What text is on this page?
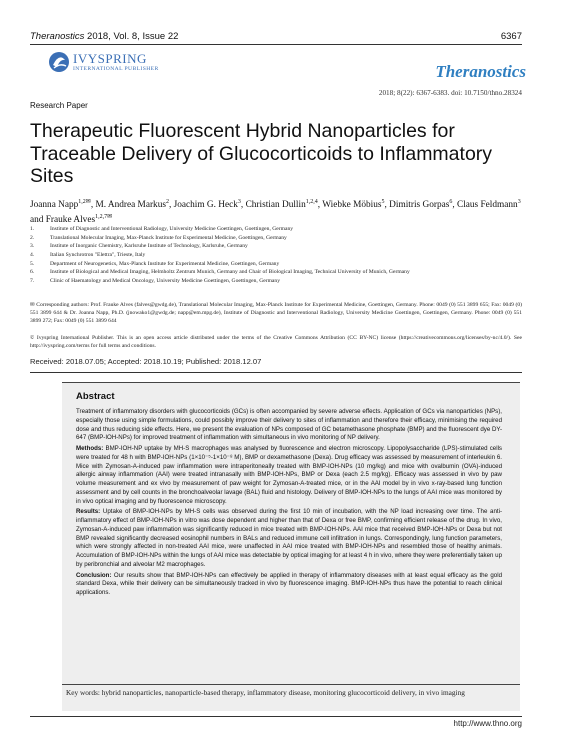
Theranostics 2018, Vol. 8, Issue 22	6367
IVYSPRING
INTERNATIONAL PUBLISHER	Theranostics
2018; 8(22): 6367-6383. doi: 10.7150/thno.28324
Research Paper
Therapeutic Fluorescent Hybrid Nanoparticles for Traceable Delivery of Glucocorticoids to Inflammatory Sites
Joanna Napp$^{1,2✉}$, M. Andrea Markus$^2$, Joachim G. Heck$^3$, Christian Dullin$^{1,2,4}$, Wiebke Möbius$^5$, Dimitris Gorpas$^6$, Claus Feldmann$^3$ and Frauke Alves$^{1,2,7✉}$
1.	Institute of Diagnostic and Interventional Radiology, University Medicine Goettingen, Goettingen, Germany
2.	Translational Molecular Imaging, Max-Planck Institute for Experimental Medicine, Goettingen, Germany
3.	Institute of Inorganic Chemistry, Karlsruhe Institute of Technology, Karlsruhe, Germany
4.	Italian Synchrotron "Elettra", Trieste, Italy
5.	Department of Neurogenetics, Max-Planck Institute for Experimental Medicine, Goettingen, Germany
6.	Institute of Biological and Medical Imaging, Helmholtz Zentrum Munich, Germany and Chair of Biological Imaging, Technical University of Munich, Germany
7.	Clinic of Haematology and Medical Oncology, University Medicine Goettingen, Goettingen, Germany
✉ Corresponding authors: Prof. Frauke Alves (falves@gwdg.de), Translational Molecular Imaging, Max-Planck Institute for Experimental Medicine, Goettingen, Germany. Phone: 0049 (0) 551 3899 655; Fax: 0049 (0) 551 3899 644 & Dr. Joanna Napp, Ph.D. (jnowako1@gwdg.de; napp@em.mpg.de), Institute of Diagnostic and Interventional Radiology, University Medicine Goettingen, Goettingen, Germany. Phone: 0049 (0) 551 3899 272; Fax: 0049 (0) 551 3899 644
© Ivyspring International Publisher. This is an open access article distributed under the terms of the Creative Commons Attribution (CC BY-NC) license (https://creativecommons.org/licenses/by-nc/4.0/). See http://ivyspring.com/terms for full terms and conditions.
Received: 2018.07.05; Accepted: 2018.10.19; Published: 2018.12.07
Abstract

Treatment of inflammatory disorders with glucocorticoids (GCs) is often accompanied by severe adverse effects. Application of GCs via nanoparticles (NPs), especially those using simple formulations, could possibly improve their delivery to sites of inflammation and therefore their efficacy, minimising the required dose and thus reducing side effects. Here, we present the evaluation of NPs composed of GC betamethasone phosphate (BMP) and the fluorescent dye DY-647 (BMP-IOH-NPs) for improved treatment of inflammation with simultaneous in vivo monitoring of NP delivery.

Methods: BMP-IOH-NP uptake by MH-S macrophages was analysed by fluorescence and electron microscopy. Lipopolysaccharide (LPS)-stimulated cells were treated for 48 h with BMP-IOH-NPs (1×10⁻⁵-1×10⁻⁸ M), BMP or dexamethasone (Dexa). Drug efficacy was assessed by measurement of interleukin 6. Mice with Zymosan-A-induced paw inflammation were intraperitoneally treated with BMP-IOH-NPs (10 mg/kg) and mice with ovalbumin (OVA)-induced allergic airway inflammation (AAI) were treated intranasally with BMP-IOH-NPs, BMP or Dexa (each 2.5 mg/kg). Efficacy was assessed in vivo by paw volume measurement and ex vivo by measurement of paw weight for Zymosan-A-treated mice, or in the AAI model by in vivo x-ray-based lung function assessment and by cell counts in the bronchoalveolar lavage (BAL) fluid and histology. Delivery of BMP-IOH-NPs to the lungs of AAI mice was monitored by in vivo optical imaging and by fluorescence microscopy.

Results: Uptake of BMP-IOH-NPs by MH-S cells was observed during the first 10 min of incubation, with the NP load increasing over time. The anti-inflammatory effect of BMP-IOH-NPs in vitro was dose dependent and higher than that of Dexa or free BMP, confirming efficient release of the drug. In vivo, Zymosan-A-induced paw inflammation was significantly reduced in mice treated with BMP-IOH-NPs. AAI mice that received BMP-IOH-NPs or Dexa but not BMP revealed significantly decreased eosinophil numbers in BALs and reduced immune cell infiltration in lungs. Correspondingly, lung function parameters, which were strongly affected in non-treated AAI mice, were unaffected in AAI mice treated with BMP-IOH-NPs and resembled those of healthy animals. Accumulation of BMP-IOH-NPs within the lungs of AAI mice was detectable by optical imaging for at least 4 h in vivo, where they were preferentially taken up by peribronchial and alveolar M2 macrophages.

Conclusion: Our results show that BMP-IOH-NPs can effectively be applied in therapy of inflammatory diseases with at least equal efficacy as the gold standard Dexa, while their delivery can be simultaneously tracked in vivo by fluorescence imaging. BMP-IOH-NPs thus have the potential to reach clinical applications.

Key words: hybrid nanoparticles, nanoparticle-based therapy, inflammatory disease, monitoring glucocorticoid delivery, in vivo imaging
http://www.thno.org
